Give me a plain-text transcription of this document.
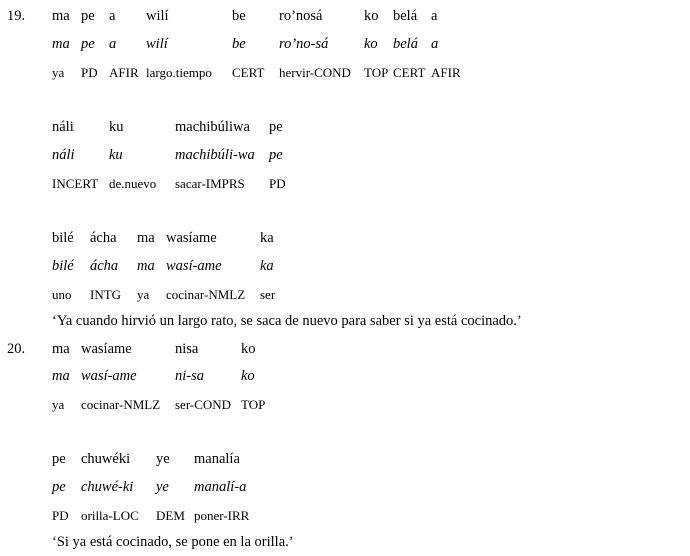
19. ma pe a wilí	be ro’nosá	ko belá a
ma pe a wilí	be ro’no-sá ko belá a
ya PD AFIR largo.tiempo CERT hervir-COND TOP CERT AFIR
náli ku	machibúliwa pe
náli ku	machibúli-wa pe
INCERT de.nuevo sacar-IMPRS PD
bilé ácha ma wasíame	ka
bilé ácha ma wasí-ame	ka
uno INTG ya cocinar-NMLZ ser
‘Ya cuando hirvió un largo rato, se saca de nuevo para saber si ya está cocinado.’
20. ma wasíame	nisa	ko
ma wasí-ame	ni-sa	ko
ya cocinar-NMLZ ser-COND TOP
pe chuwéki ye manalía
pe chuwé-ki ye manalí-a
PD orilla-LOC DEM poner-IRR
‘Si ya está cocinado, se pone en la orilla.’
